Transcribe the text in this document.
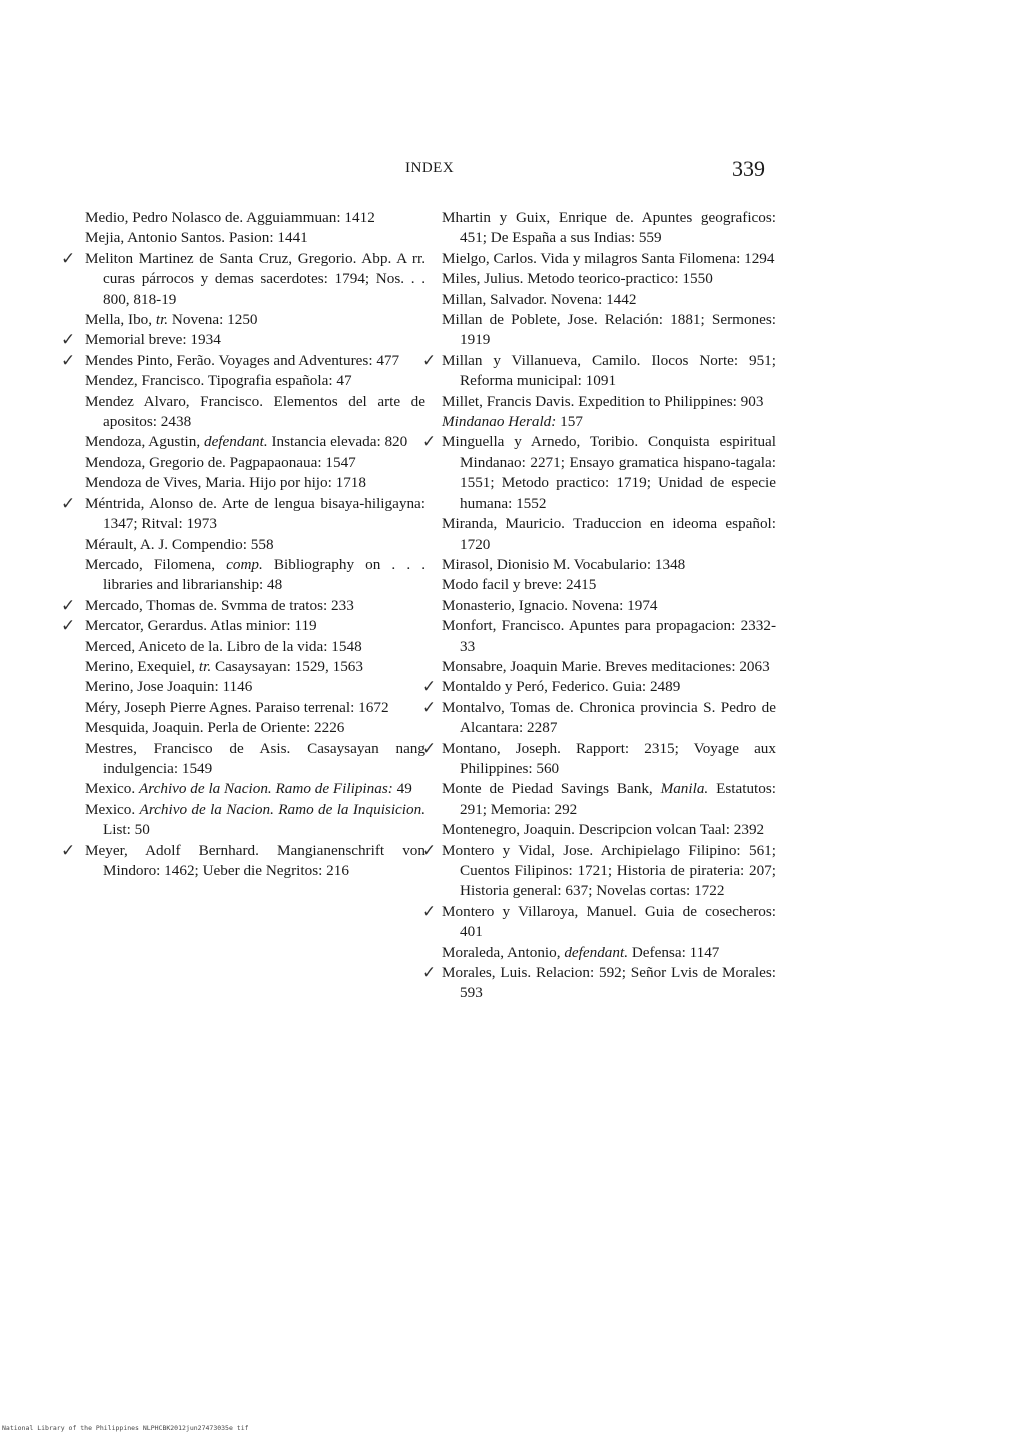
INDEX	339

Medio, Pedro Nolasco de. Agguiammuan: 1412

Mejia, Antonio Santos. Pasion: 1441

✓ Meliton Martinez de Santa Cruz, Gregorio. Abp. A rr. curas párrocos y demas sacerdotes: 1794; Nos. . . 800, 818-19

Mella, Ibo, tr. Novena: 1250

✓ Memorial breve: 1934

✓ Mendes Pinto, Ferão. Voyages and Adventures: 477

Mendez, Francisco. Tipografia española: 47

Mendez Alvaro, Francisco. Elementos del arte de apositos: 2438

Mendoza, Agustin, defendant. Instancia elevada: 820

Mendoza, Gregorio de. Pagpapaonaua: 1547

Mendoza de Vives, Maria. Hijo por hijo: 1718

✓ Méntrida, Alonso de. Arte de lengua bisaya-hiligayna: 1347; Ritval: 1973

Mérault, A. J. Compendio: 558

Mercado, Filomena, comp. Bibliography on . . . libraries and librarianship: 48

✓ Mercado, Thomas de. Svmma de tratos: 233

✓ Mercator, Gerardus. Atlas minior: 119

Merced, Aniceto de la. Libro de la vida: 1548

Merino, Exequiel, tr. Casaysayan: 1529, 1563

Merino, Jose Joaquin: 1146

Méry, Joseph Pierre Agnes. Paraiso terrenal: 1672

Mesquida, Joaquin. Perla de Oriente: 2226

Mestres, Francisco de Asis. Casaysayan nang indulgencia: 1549

Mexico. Archivo de la Nacion. Ramo de Filipinas: 49

Mexico. Archivo de la Nacion. Ramo de la Inquisicion. List: 50

✓ Meyer, Adolf Bernhard. Mangianenschrift von Mindoro: 1462; Ueber die Negritos: 216

Mhartin y Guix, Enrique de. Apuntes geograficos: 451; De España a sus Indias: 559

Mielgo, Carlos. Vida y milagros Santa Filomena: 1294

Miles, Julius. Metodo teorico-practico: 1550

Millan, Salvador. Novena: 1442

Millan de Poblete, Jose. Relación: 1881; Sermones: 1919

✓ Millan y Villanueva, Camilo. Ilocos Norte: 951; Reforma municipal: 1091

Millet, Francis Davis. Expedition to Philippines: 903

Mindanao Herald: 157

✓ Minguella y Arnedo, Toribio. Conquista espiritual Mindanao: 2271; Ensayo gramatica hispano-tagala: 1551; Metodo practico: 1719; Unidad de especie humana: 1552

Miranda, Mauricio. Traduccion en ideoma español: 1720

Mirasol, Dionisio M. Vocabulario: 1348

Modo facil y breve: 2415

Monasterio, Ignacio. Novena: 1974

Monfort, Francisco. Apuntes para propagacion: 2332-33

Monsabre, Joaquin Marie. Breves meditaciones: 2063

✓ Montaldo y Peró, Federico. Guia: 2489

✓ Montalvo, Tomas de. Chronica provincia S. Pedro de Alcantara: 2287

✓ Montano, Joseph. Rapport: 2315; Voyage aux Philippines: 560

Monte de Piedad Savings Bank, Manila. Estatutos: 291; Memoria: 292

Montenegro, Joaquin. Descripcion volcan Taal: 2392

✓ Montero y Vidal, Jose. Archipielago Filipino: 561; Cuentos Filipinos: 1721; Historia de pirateria: 207; Historia general: 637; Novelas cortas: 1722

✓ Montero y Villaroya, Manuel. Guia de cosecheros: 401

Moraleda, Antonio, defendant. Defensa: 1147

✓ Morales, Luis. Relacion: 592; Señor Lvis de Morales: 593

National Library of the Philippines NLPHCBK2012jun27473035e tif
